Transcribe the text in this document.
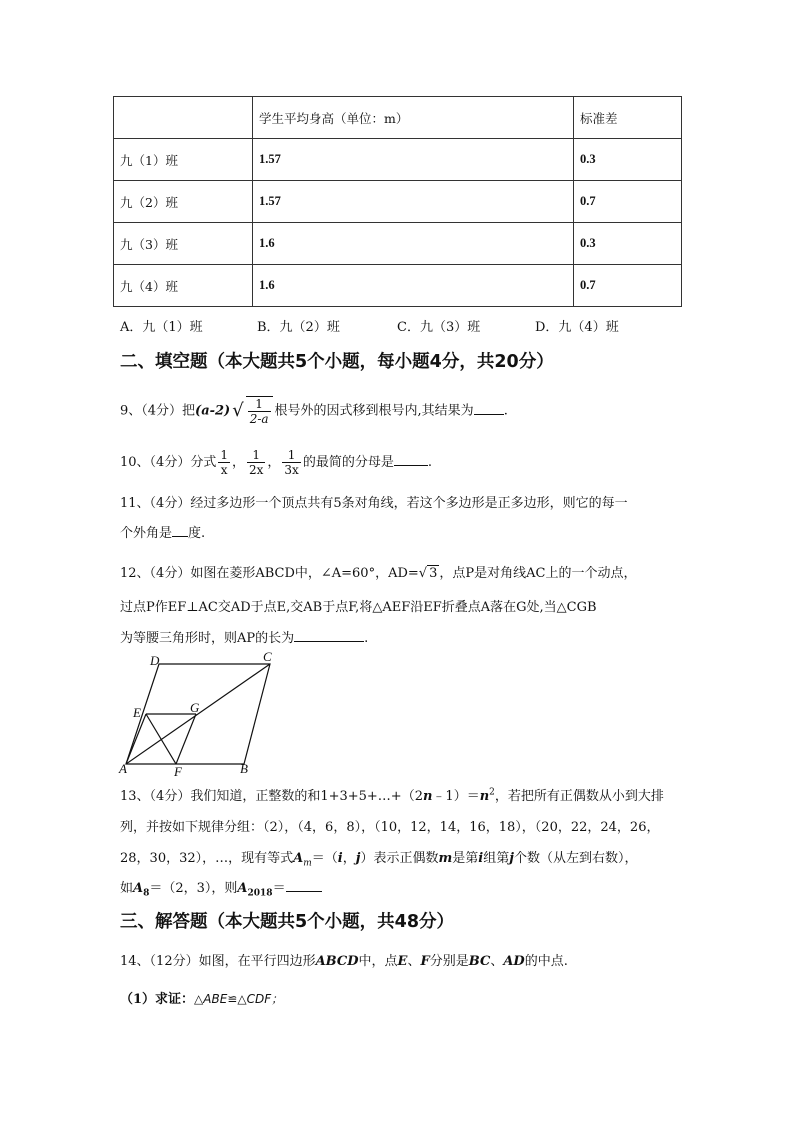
	学生平均身高（单位：m）	标准差
九（1）班	1.57	0.3
九（2）班	1.57	0.7
九（3）班	1.6	0.3
九（4）班	1.6	0.7
A．九（1）班	B．九（2）班	C．九（3）班	D．九（4）班
二、填空题（本大题共5个小题，每小题4分，共20分）
9、（4分）把(a-2) √ $\frac{1}{2-a}$ 根号外的因式移到根号内,其结果为 .
10、（4分）分式 $\frac{1}{x}$ ， $\frac{1}{2x}$ ， $\frac{1}{3x}$ 的最简的分母是	.
11、（4分）经过多边形一个顶点共有5条对角线，若这个多边形是正多边形，则它的每一
个外角是 度.
12、（4分）如图在菱形ABCD中，∠A=60°，AD=√ 3 ，点P是对角线AC上的一个动点，
过点P作EF⊥AC交AD于点E,交AB于点F,将△AEF沿EF折叠点A落在G处,当△CGB
为等腰三角形时，则AP的长为	.
A	B
C
D
E
F
G
13、（4分）我们知道，正整数的和$1+3+5+\dots+(2n﹣1)=n^2$，若把所有正偶数从小到大排
列，并按如下规律分组：（2），（4，6，8），（10，12，14，16，18），（20，22，24，26，
28，30，32），…，现有等式$A_m=(i$，j）表示正偶数m是第i组第j个数（从左到右数），
如$A_8=(2$，3），则$A_{2018}=$
三、解答题（本大题共5个小题，共48分）
14、（12分）如图，在平行四边形ABCD中，点E、F分别是BC、AD的中点.
（1）求证：△ABE≌△CDF；
